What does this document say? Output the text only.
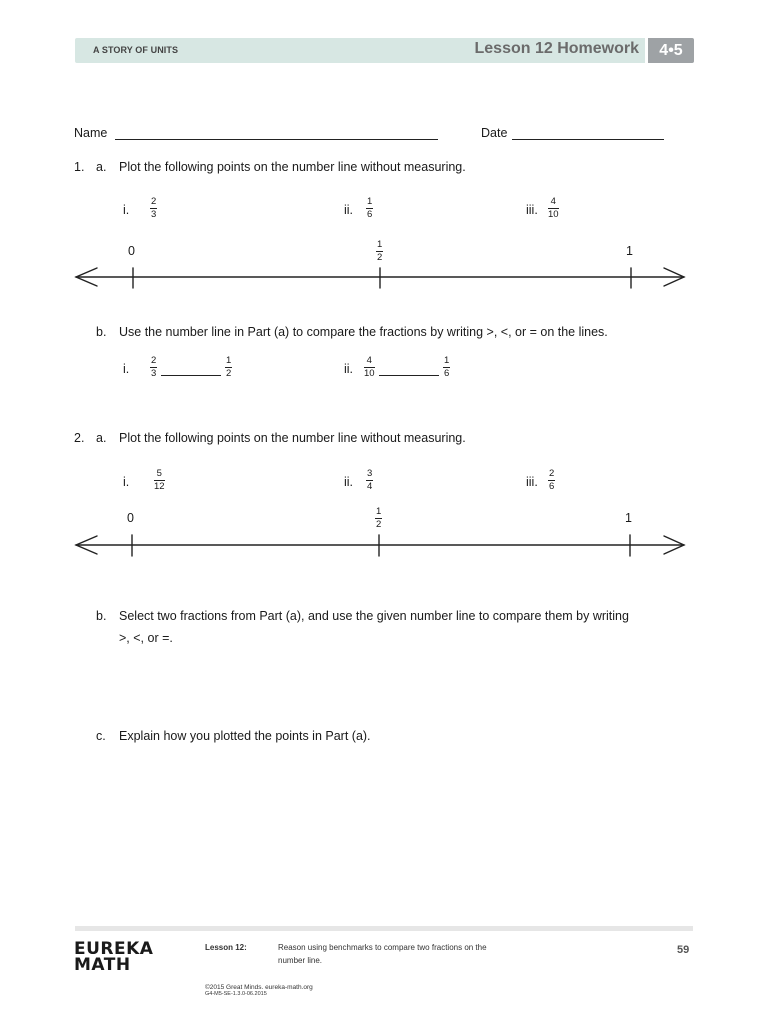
A STORY OF UNITS	Lesson 12 Homework	4•5
Name	Date
1. a. Plot the following points on the number line without measuring.
i.
2
3	ii.
1
6	iii.
4
10
0	1
2	1
b. Use the number line in Part (a) to compare the fractions by writing >, <, or = on the lines.
i.
2
3
1
2	ii.
4
10
1
6
2. a. Plot the following points on the number line without measuring.
i.
5
12	ii.
3
4	iii.
2
6
0	1
2	1
b. Select two fractions from Part (a), and use the given number line to compare them by writing
>, <, or =.
c. Explain how you plotted the points in Part (a).
EUREKA
MATH
Lesson 12:	Reason using benchmarks to compare two fractions on the
number line.
59
©2015 Great Minds. eureka-math.org
G4-M5-SE-1.3.0-06.2015
